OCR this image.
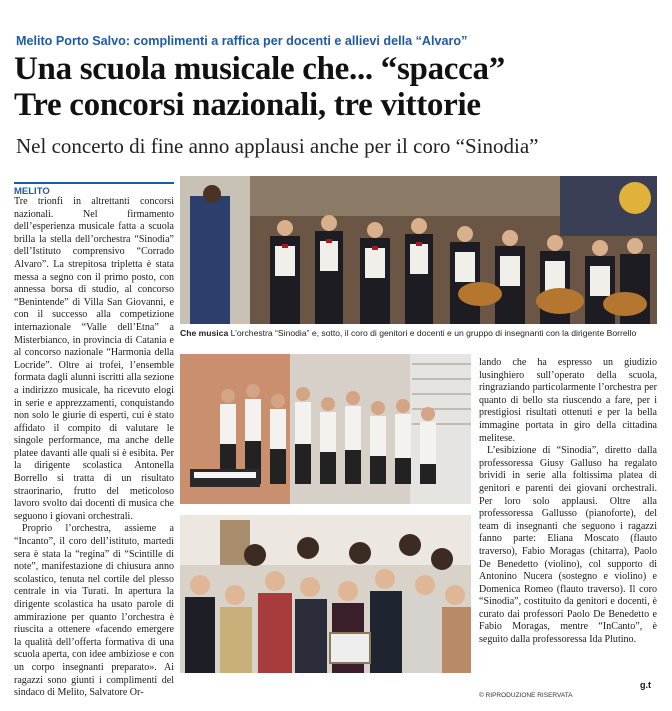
Melito Porto Salvo: complimenti a raffica per docenti e allievi della “Alvaro”
Una scuola musicale che... “spacca”
Tre concorsi nazionali, tre vittorie
Nel concerto di fine anno applausi anche per il coro “Sinodia”
MELITO

Tre trionfi in altrettanti concorsi nazionali. Nel firmamento dell’esperienza musicale fatta a scuola brilla la stella dell’orchestra “Sinodia” dell’Istituto comprensivo “Corrado Alvaro”. La strepitosa tripletta è stata messa a segno con il primo posto, con annessa borsa di studio, al concorso “Benintende” di Villa San Giovanni, e con il successo alla competizione internazionale “Valle dell’Etna” a Misterbianco, in provincia di Catania e al concorso nazionale “Harmonia della Locride”. Oltre ai trofei, l’ensemble formata dagli alunni iscritti alla sezione a indirizzo musicale, ha ricevuto elogi in serie e apprezzamenti, conquistando non solo le giurie di esperti, cui è stato affidato il compito di valutare le singole performance, ma anche delle platee davanti alle quali si è esibita. Per la dirigente scolastica Antonella Borrello si tratta di un risultato straorinario, frutto del meticoloso lavoro svolto dai docenti di musica che seguono i giovani orchestrali.

Proprio l’orchestra, assieme a “Incanto”, il coro dell’istituto, martedì sera è stata la “regina” di “Scintille di note”, manifestazione di chiusura anno scolastico, tenuta nel cortile del plesso centrale in via Turati. In apertura la dirigente scolastica ha usato parole di ammirazione per quanto l’orchestra è riuscita a ottenere «facendo emergere la qualità dell’offerta formativa di una scuola aperta, con idee ambiziose e con un corpo insegnanti preparato». Ai ragazzi sono giunti i complimenti del sindaco di Melito, Salvatore Or-

Che musica L’orchestra “Sinodia” e, sotto, il coro di genitori e docenti e un gruppo di insegnanti con la dirigente Borrello

lando che ha espresso un giudizio lusinghiero sull’operato della scuola, ringraziando particolarmente l’orchestra per quanto di bello sta riuscendo a fare, per i prestigiosi risultati ottenuti e per la bella immagine portata in giro della cittadina melitese.

L’esibizione di “Sinodia”, diretto dalla professoressa Giusy Galluso ha regalato brividi in serie alla foltissima platea di genitori e parenti dei giovani orchestrali. Per loro solo applausi. Oltre alla professoressa Gallusso (pianoforte), del team di insegnanti che seguono i ragazzi fanno parte: Eliana Moscato (flauto traverso), Fabio Moragas (chitarra), Paolo De Benedetto (violino), col supporto di Antonino Nucera (sostegno e violino) e Domenica Romeo (flauto traverso). Il coro “Sinodia”, costituito da genitori e docenti, è curato dai professori Paolo De Benedetto e Fabio Moragas, mentre “InCanto”, è seguito dalla professoressa Ida Plutino.

g.t
© RIPRODUZIONE RISERVATA
